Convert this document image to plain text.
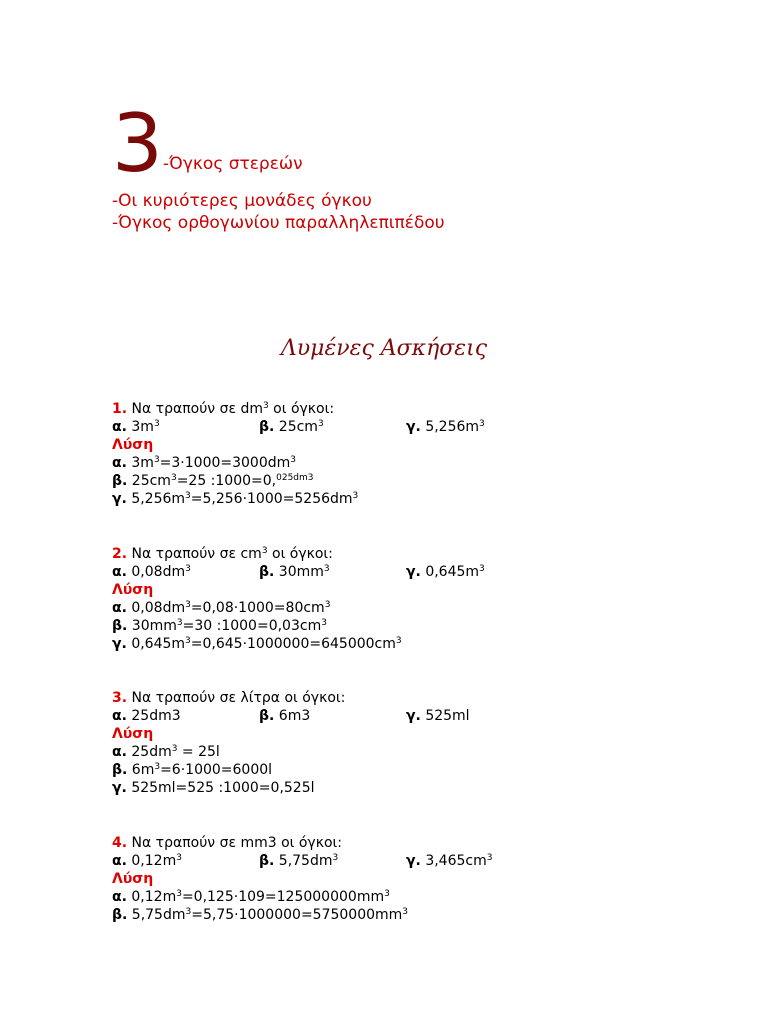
3-Όγκος στερεών
-Οι κυριότερες μονάδες όγκου
-Όγκος ορθογωνίου παραλληλεπιπέδου
Λυμένες Ασκήσεις
1. Να τραπούν σε $dm^3$ οι όγκοι:
α. $3m^3$	β. $25cm^3$	γ. $5,256m^3$
Λύση
α. $3m^3=3\cdot 1000=3000dm^3$
β. $25cm^3=25$ :1000=0,$^{025dm3}$
γ. $5,256m^3=5,256\cdot 1000=5256dm^3$
2. Να τραπούν σε $cm^3$ οι όγκοι:
α. $0,08dm^3$	β. $30mm^3$	γ. $0,645m^3$
Λύση
α. $0,08dm^3=0,08\cdot 1000=80cm^3$
β. $30mm^3=30$ $:1000=0,03cm^3$
γ. $0,645m^3=0,645\cdot 1000000=645000cm^3$
3. Να τραπούν σε λίτρα οι όγκοι:
α. 25dm3	β. 6m3	γ. 525ml
Λύση
α. $25dm^3 = 25l$
β. $6m^3=6\cdot 1000=6000l$
γ. 525ml=525 :1000=0,525l
4. Να τραπούν σε mm3 οι όγκοι:
α. $0,12m^3$	β. $5,75dm^3$	γ. $3,465cm^3$
Λύση
α. $0,12m^3=0,125\cdot 109=125000000mm^3$
β. $5,75dm^3=5,75\cdot 1000000=5750000mm^3$
